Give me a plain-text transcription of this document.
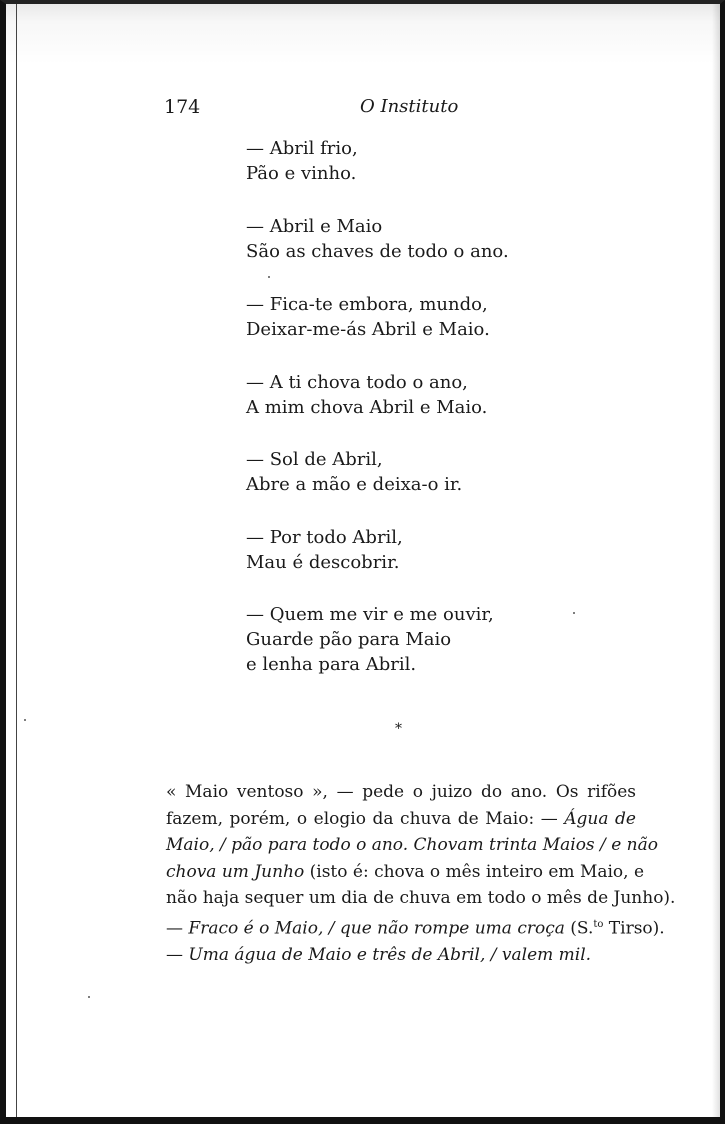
174	O Instituto
— Abril frio,
Pão e vinho.
— Abril e Maio
São as chaves de todo o ano.
— Fica-te embora, mundo,
Deixar-me-ás Abril e Maio.
— A ti chova todo o ano,
A mim chova Abril e Maio.
— Sol de Abril,
Abre a mão e deixa-o ir.
— Por todo Abril,
Mau é descobrir.
— Quem me vir e me ouvir,
Guarde pão para Maio
e lenha para Abril.
*
« Maio ventoso », — pede o juizo do ano. Os rifões
fazem, porém, o elogio da chuva de Maio: — Água de
Maio, / pão para todo o ano. Chovam trinta Maios / e não
chova um Junho (isto é: chova o mês inteiro em Maio, e
não haja sequer um dia de chuva em todo o mês de Junho).
— Fraco é o Maio, / que não rompe uma croça (S.$^{to}$ Tirso).
— Uma água de Maio e três de Abril, / valem mil.
